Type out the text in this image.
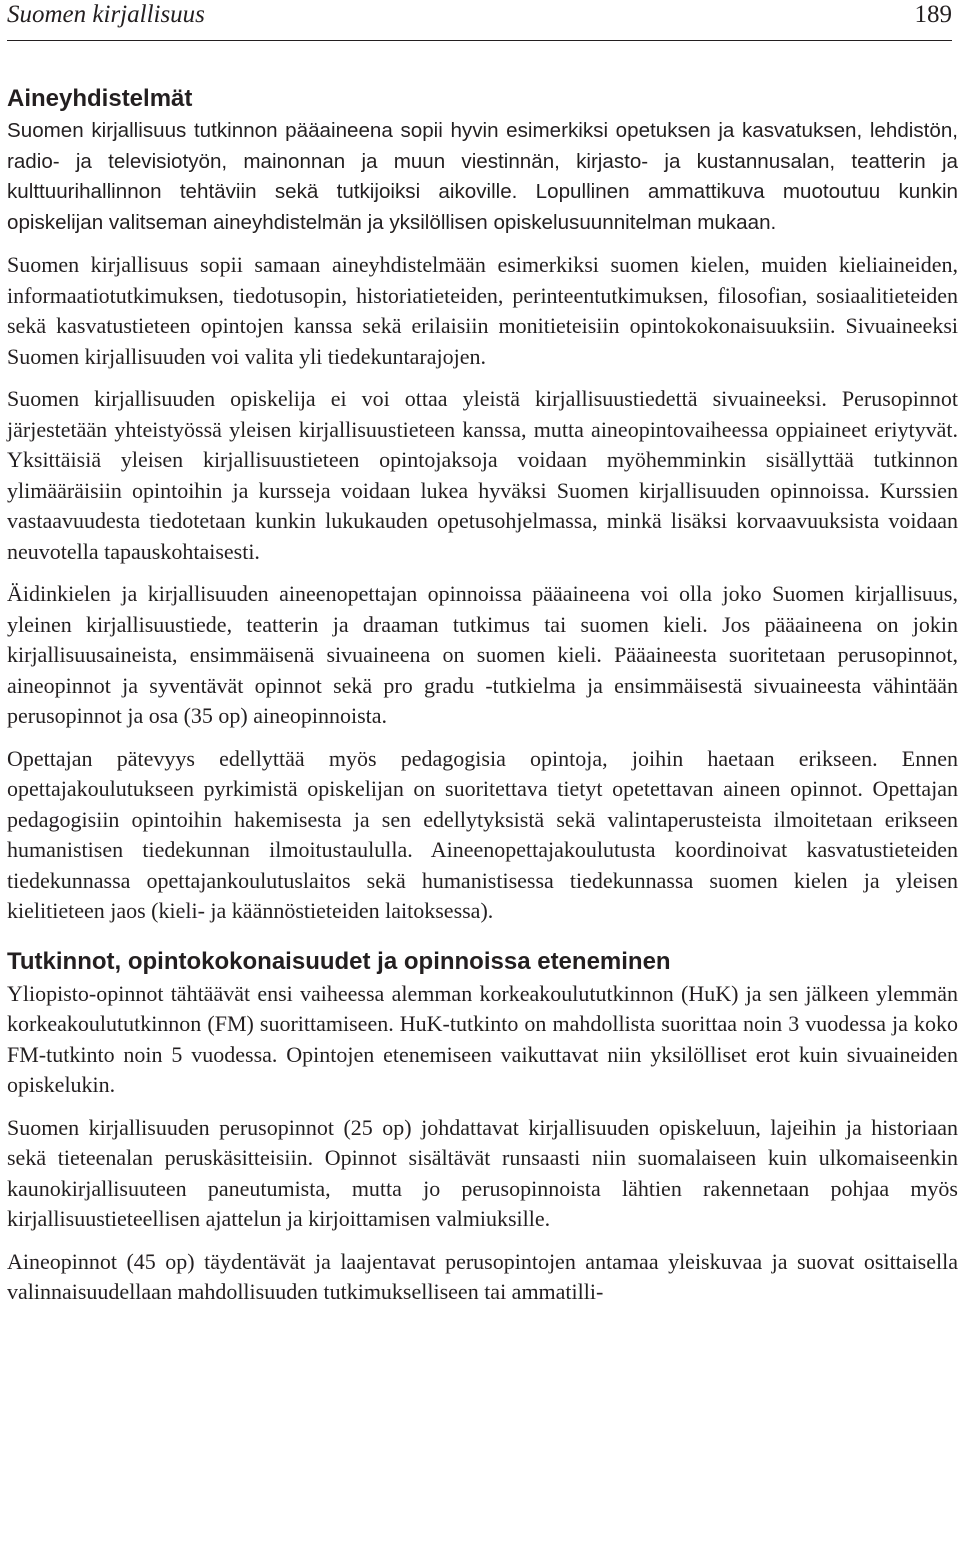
Suomen kirjallisuus	189
Aineyhdistelmät

Suomen kirjallisuus tutkinnon pääaineena sopii hyvin esimerkiksi opetuksen ja kasvatuksen, lehdistön, radio- ja televisiotyön, mainonnan ja muun viestinnän, kirjasto- ja kustannusalan, teatterin ja kulttuurihallinnon tehtäviin sekä tutkijoiksi aikoville. Lopullinen ammattikuva muotoutuu kunkin opiskelijan valitseman aineyhdistelmän ja yksilöllisen opiskelusuunnitelman mukaan.

Suomen kirjallisuus sopii samaan aineyhdistelmään esimerkiksi suomen kielen, muiden kieliaineiden, informaatiotutkimuksen, tiedotusopin, historiatieteiden, perinteentutkimuksen, filosofian, sosiaalitieteiden sekä kasvatustieteen opintojen kanssa sekä erilaisiin monitieteisiin opintokokonaisuuksiin. Sivuaineeksi Suomen kirjallisuuden voi valita yli tiedekuntarajojen.

Suomen kirjallisuuden opiskelija ei voi ottaa yleistä kirjallisuustiedettä sivuaineeksi. Perusopinnot järjestetään yhteistyössä yleisen kirjallisuustieteen kanssa, mutta aineopintovaiheessa oppiaineet eriytyvät. Yksittäisiä yleisen kirjallisuustieteen opintojaksoja voidaan myöhemminkin sisällyttää tutkinnon ylimääräisiin opintoihin ja kursseja voidaan lukea hyväksi Suomen kirjallisuuden opinnoissa. Kurssien vastaavuudesta tiedotetaan kunkin lukukauden opetusohjelmassa, minkä lisäksi korvaavuuksista voidaan neuvotella tapauskohtaisesti.

Äidinkielen ja kirjallisuuden aineenopettajan opinnoissa pääaineena voi olla joko Suomen kirjallisuus, yleinen kirjallisuustiede, teatterin ja draaman tutkimus tai suomen kieli. Jos pääaineena on jokin kirjallisuusaineista, ensimmäisenä sivuaineena on suomen kieli. Pääaineesta suoritetaan perusopinnot, aineopinnot ja syventävät opinnot sekä pro gradu -tutkielma ja ensimmäisestä sivuaineesta vähintään perusopinnot ja osa (35 op) aineopinnoista.

Opettajan pätevyys edellyttää myös pedagogisia opintoja, joihin haetaan erikseen. Ennen opettajakoulutukseen pyrkimistä opiskelijan on suoritettava tietyt opetettavan aineen opinnot. Opettajan pedagogisiin opintoihin hakemisesta ja sen edellytyksistä sekä valintaperusteista ilmoitetaan erikseen humanistisen tiedekunnan ilmoitustaululla. Aineenopettajakoulutusta koordinoivat kasvatustieteiden tiedekunnassa opettajankoulutuslaitos sekä humanistisessa tiedekunnassa suomen kielen ja yleisen kielitieteen jaos (kieli- ja käännöstieteiden laitoksessa).

Tutkinnot, opintokokonaisuudet ja opinnoissa eteneminen

Yliopisto-opinnot tähtäävät ensi vaiheessa alemman korkeakoulututkinnon (HuK) ja sen jälkeen ylemmän korkeakoulututkinnon (FM) suorittamiseen. HuK-tutkinto on mahdollista suorittaa noin 3 vuodessa ja koko FM-tutkinto noin 5 vuodessa. Opintojen etenemiseen vaikuttavat niin yksilölliset erot kuin sivuaineiden opiskelukin.

Suomen kirjallisuuden perusopinnot (25 op) johdattavat kirjallisuuden opiskeluun, lajeihin ja historiaan sekä tieteenalan peruskäsitteisiin. Opinnot sisältävät runsaasti niin suomalaiseen kuin ulkomaiseenkin kaunokirjallisuuteen paneutumista, mutta jo perusopinnoista lähtien rakennetaan pohjaa myös kirjallisuustieteellisen ajattelun ja kirjoittamisen valmiuksille.

Aineopinnot (45 op) täydentävät ja laajentavat perusopintojen antamaa yleiskuvaa ja suovat osittaisella valinnaisuudellaan mahdollisuuden tutkimukselliseen tai ammatilli-
